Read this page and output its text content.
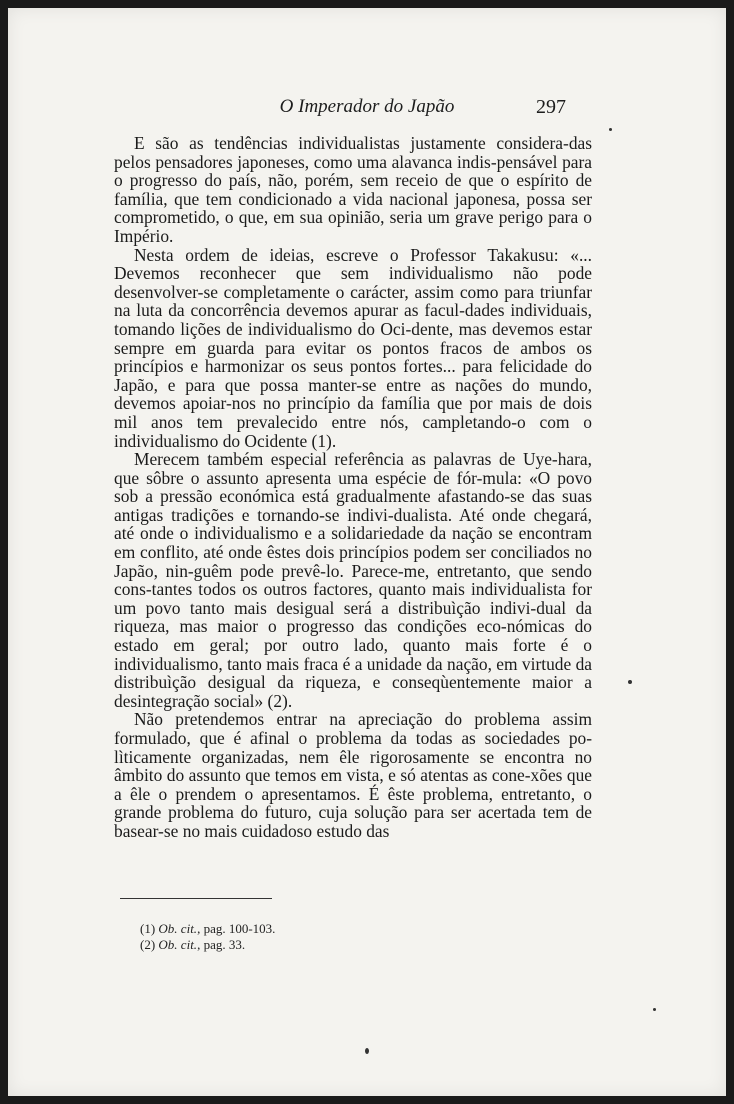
O Imperador do Japão	297

E são as tendências individualistas justamente considera-das pelos pensadores japoneses, como uma alavanca indis-pensável para o progresso do país, não, porém, sem receio de que o espírito de família, que tem condicionado a vida nacional japonesa, possa ser comprometido, o que, em sua opinião, seria um grave perigo para o Império.

Nesta ordem de ideias, escreve o Professor Takakusu: «... Devemos reconhecer que sem individualismo não pode desenvolver-se completamente o carácter, assim como para triunfar na luta da concorrência devemos apurar as facul-dades individuais, tomando lições de individualismo do Oci-dente, mas devemos estar sempre em guarda para evitar os pontos fracos de ambos os princípios e harmonizar os seus pontos fortes... para felicidade do Japão, e para que possa manter-se entre as nações do mundo, devemos apoiar-nos no princípio da família que por mais de dois mil anos tem prevalecido entre nós, campletando-o com o individualismo do Ocidente (1).

Merecem também especial referência as palavras de Uye-hara, que sôbre o assunto apresenta uma espécie de fór-mula: «O povo sob a pressão económica está gradualmente afastando-se das suas antigas tradições e tornando-se indivi-dualista. Até onde chegará, até onde o individualismo e a solidariedade da nação se encontram em conflito, até onde êstes dois princípios podem ser conciliados no Japão, nin-guêm pode prevê-lo. Parece-me, entretanto, que sendo cons-tantes todos os outros factores, quanto mais individualista for um povo tanto mais desigual será a distribuìção indivi-dual da riqueza, mas maior o progresso das condições eco-nómicas do estado em geral; por outro lado, quanto mais forte é o individualismo, tanto mais fraca é a unidade da nação, em virtude da distribuìção desigual da riqueza, e conseqùentemente maior a desintegração social» (2).

Não pretendemos entrar na apreciação do problema assim formulado, que é afinal o problema da todas as sociedades po-lìticamente organizadas, nem êle rigorosamente se encontra no âmbito do assunto que temos em vista, e só atentas as cone-xões que a êle o prendem o apresentamos. É êste problema, entretanto, o grande problema do futuro, cuja solução para ser acertada tem de basear-se no mais cuidadoso estudo das

(1) Ob. cit., pag. 100-103.
(2) Ob. cit., pag. 33.
